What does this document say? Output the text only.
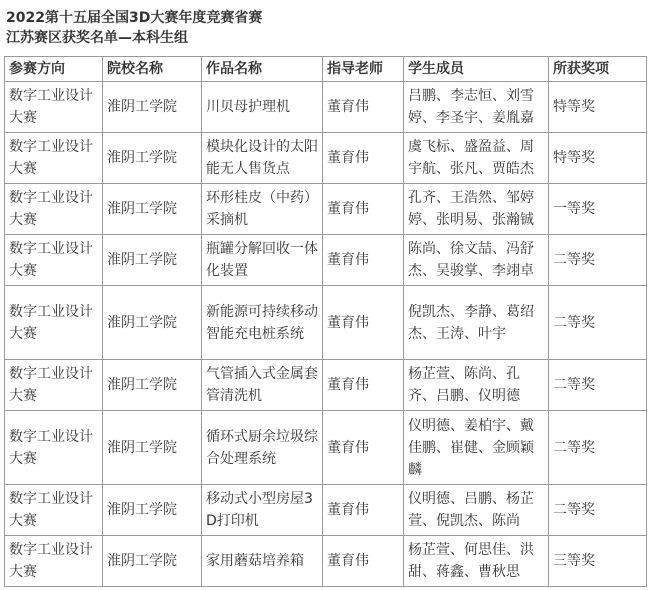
2022第十五届全国3D大赛年度竞赛省赛
江苏赛区获奖名单—本科生组
参赛方向	院校名称	作品名称	指导老师	学生成员	所获奖项
数字工业设计大赛	淮阴工学院	川贝母护理机	董育伟	吕鹏、李志恒、刘雪婷、李圣宇、姜胤嘉	特等奖
数字工业设计大赛	淮阴工学院	模块化设计的太阳能无人售货点	董育伟	虞飞标、盛盈益、周宇航、张凡、贾皓杰	特等奖
数字工业设计大赛	淮阴工学院	环形桂皮（中药）采摘机	董育伟	孔齐、王浩然、邹婷婷、张明易、张瀚铖	一等奖
数字工业设计大赛	淮阴工学院	瓶罐分解回收一体化装置	董育伟	陈尚、徐文喆、冯舒杰、吴骏掌、李翊卓	二等奖
数字工业设计大赛	淮阴工学院	新能源可持续移动智能充电桩系统	董育伟	倪凯杰、李静、葛绍杰、王涛、叶宇	二等奖
数字工业设计大赛	淮阴工学院	气管插入式金属套管清洗机	董育伟	杨芷萱、陈尚、孔齐、吕鹏、仪明德	二等奖
数字工业设计大赛	淮阴工学院	循环式厨余垃圾综合处理系统	董育伟	仪明德、姜柏宇、戴佳鹏、崔健、金顾颖麟	二等奖
数字工业设计大赛	淮阴工学院	移动式小型房屋3D打印机	董育伟	仪明德、吕鹏、杨芷萱、倪凯杰、陈尚	二等奖
数字工业设计大赛	淮阴工学院	家用蘑菇培养箱	董育伟	杨芷萱、何思佳、洪甜、蒋鑫、曹秋思	三等奖
